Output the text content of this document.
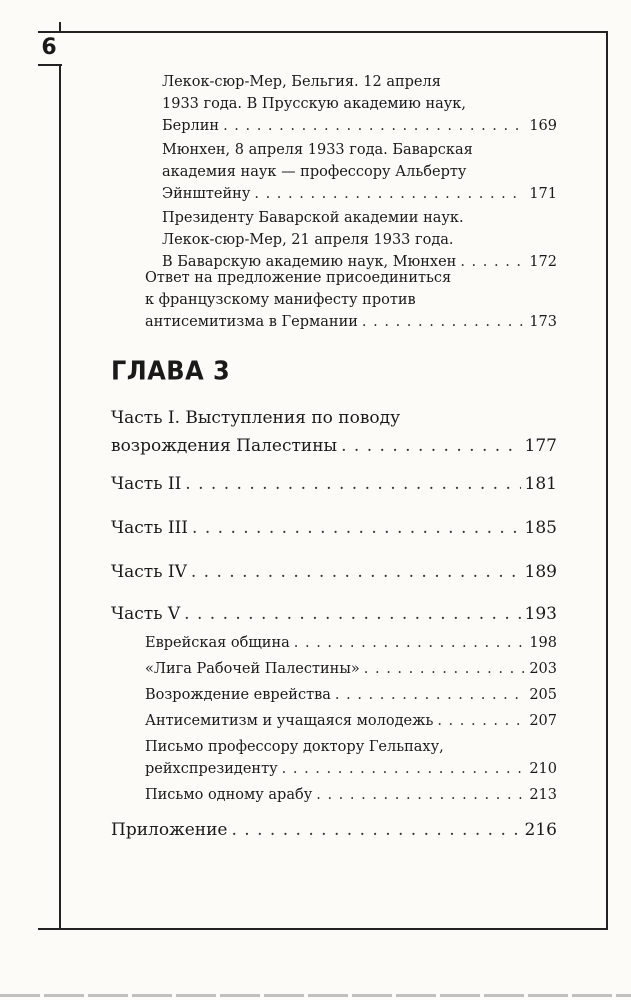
6
ГЛАВА 3
Лекок-сюр-Мер, Бельгия. 12 апреля
1933 года. В Прусскую академию наук,
Берлин . . .	169
Мюнхен, 8 апреля 1933 года. Баварская
академия наук — профессору Альберту
Эйнштейну . . .	171
Президенту Баварской академии наук.
Лекок-сюр-Мер, 21 апреля 1933 года.
В Баварскую академию наук, Мюнхен . . .	172
Ответ на предложение присоединиться
к французскому манифесту против
антисемитизма в Германии . . .	173
Часть I. Выступления по поводу
возрождения Палестины . . .	177
Часть II . . .	181
Часть III . . .	185
Часть IV . . .	189
Часть V . . .	193
Еврейская община . . .	198
«Лига Рабочей Палестины» . . .	203
Возрождение еврейства . . .	205
Антисемитизм и учащаяся молодежь . . .	207
Письмо профессору доктору Гельпаху,
рейхспрезиденту . . .	210
Письмо одному арабу . . .	213
Приложение . . .	216
